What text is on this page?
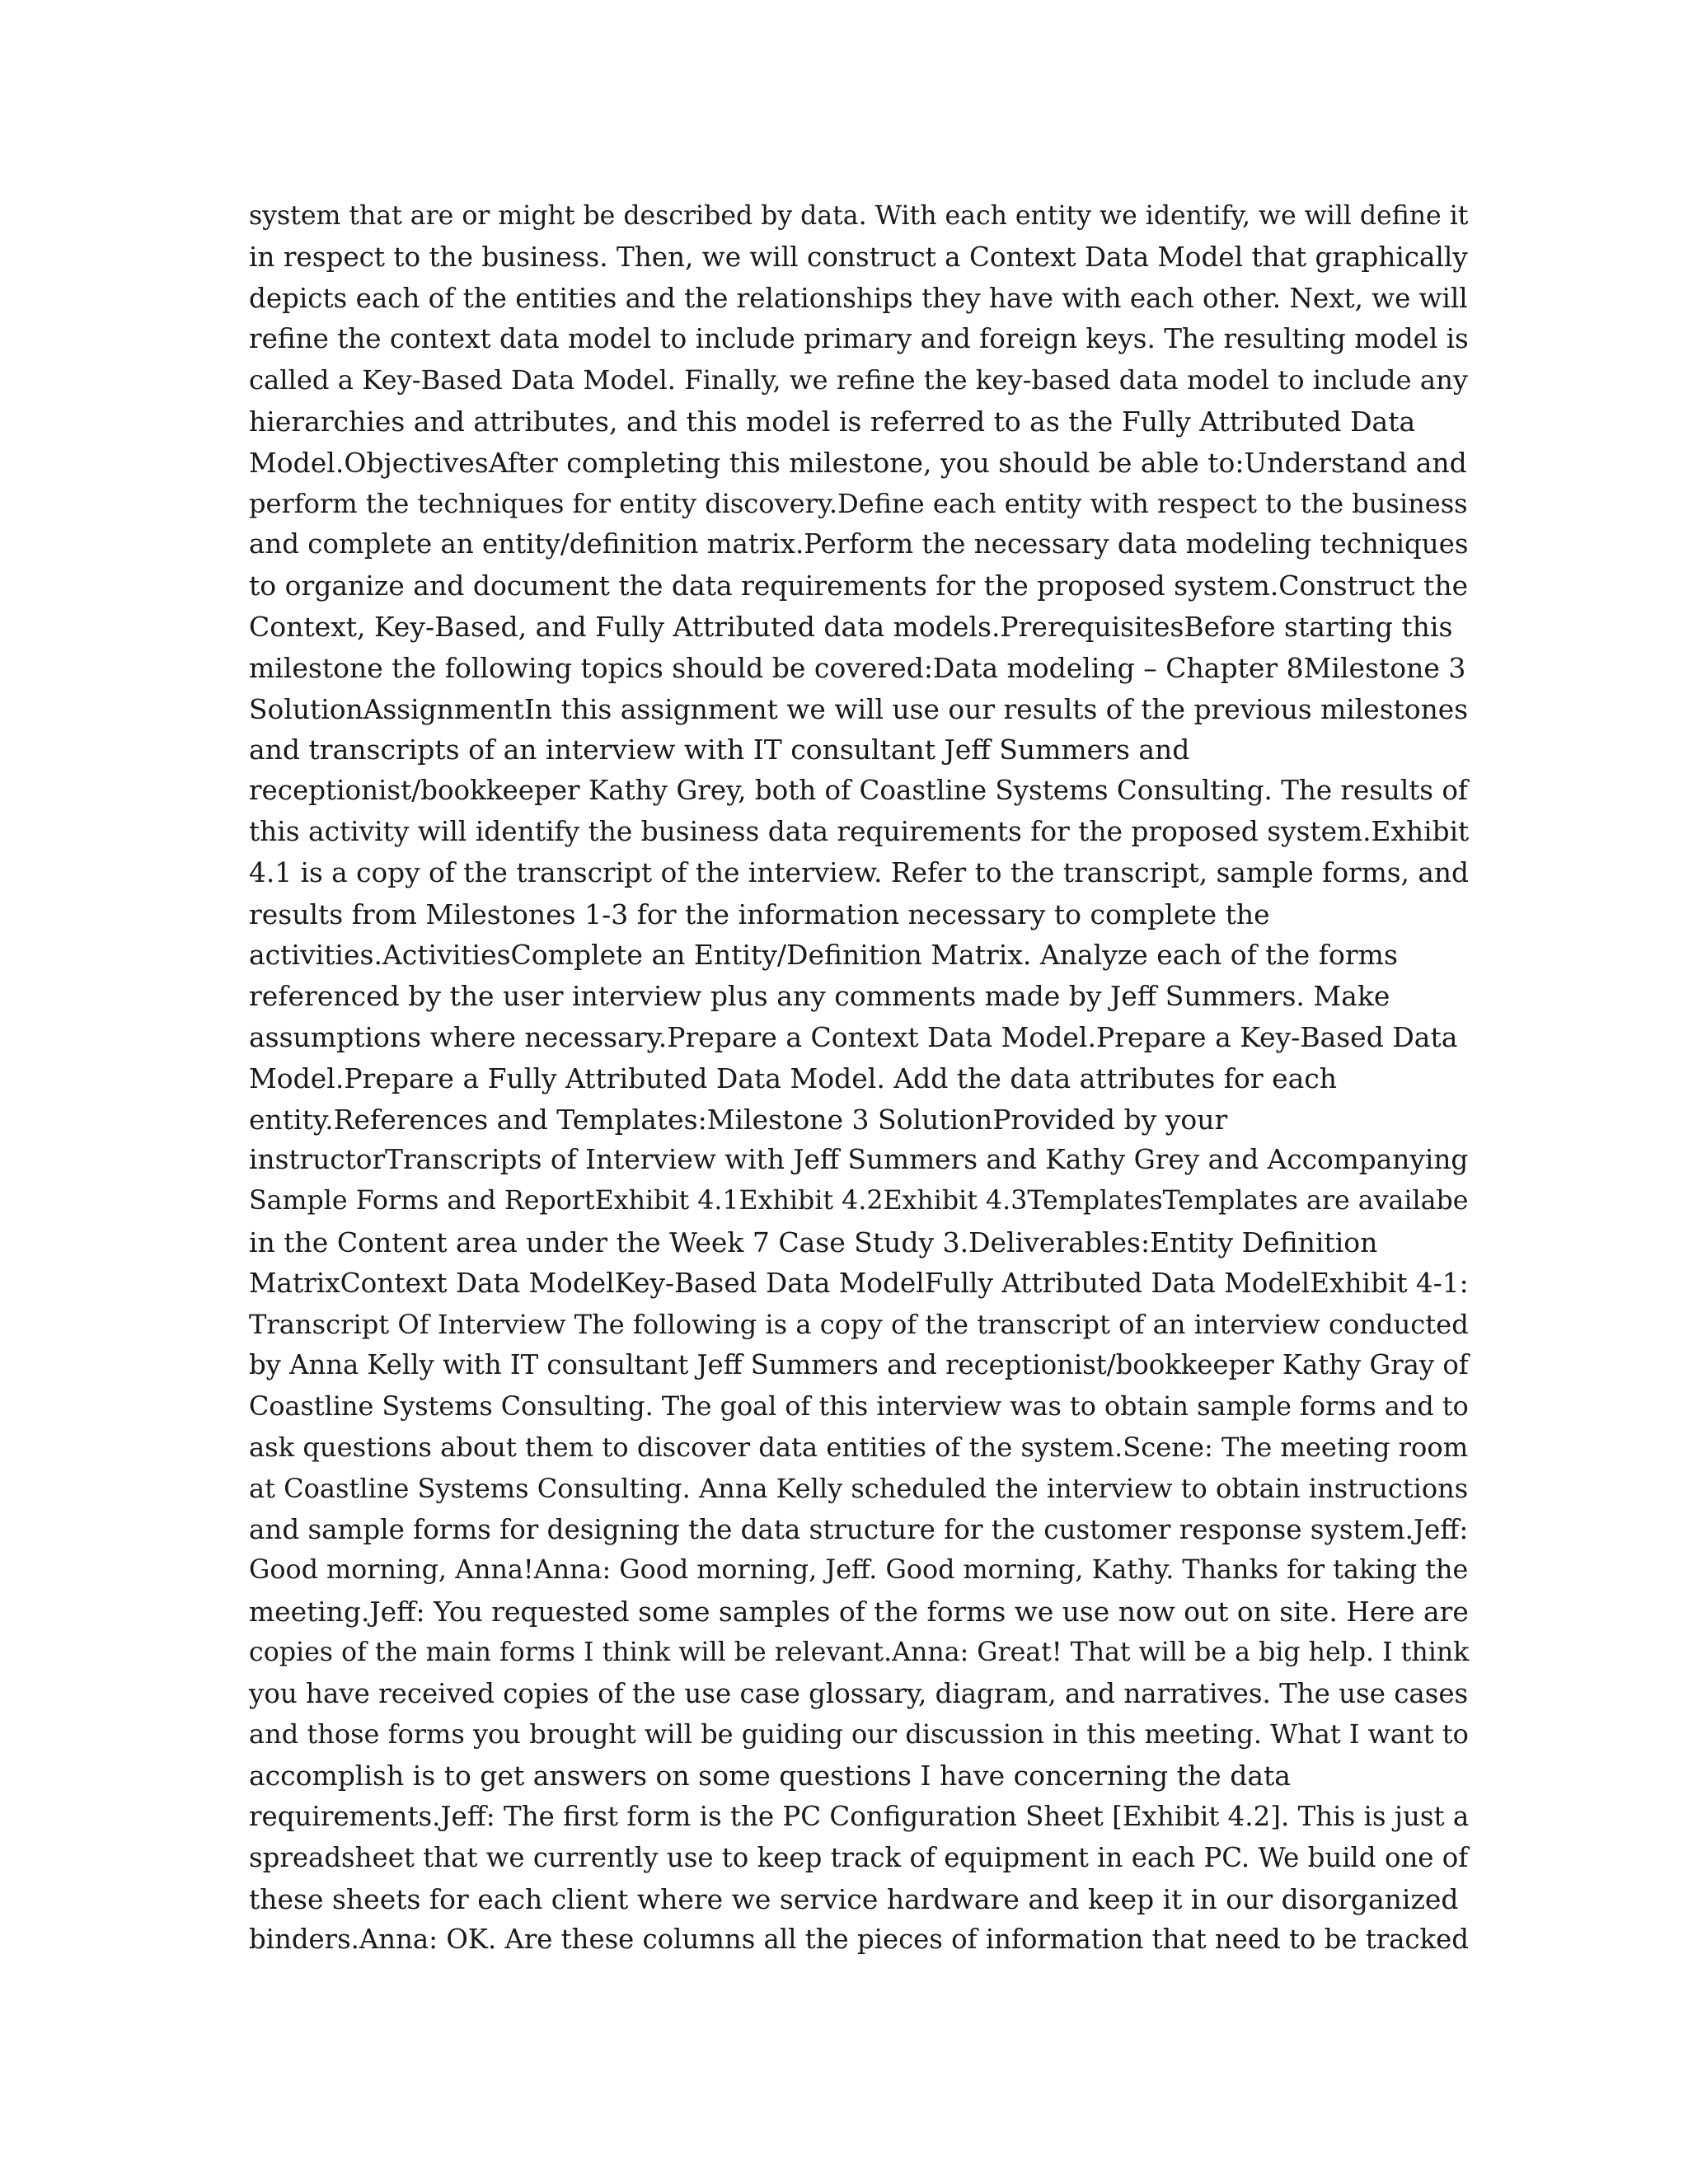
system that are or might be described by data. With each entity we identify, we will define it
in respect to the business. Then, we will construct a Context Data Model that graphically
depicts each of the entities and the relationships they have with each other. Next, we will
refine the context data model to include primary and foreign keys. The resulting model is
called a Key-Based Data Model. Finally, we refine the key-based data model to include any
hierarchies and attributes, and this model is referred to as the Fully Attributed Data
Model.ObjectivesAfter completing this milestone, you should be able to:Understand and
perform the techniques for entity discovery.Define each entity with respect to the business
and complete an entity/definition matrix.Perform the necessary data modeling techniques
to organize and document the data requirements for the proposed system.Construct the
Context, Key-Based, and Fully Attributed data models.PrerequisitesBefore starting this
milestone the following topics should be covered:Data modeling – Chapter 8Milestone 3
SolutionAssignmentIn this assignment we will use our results of the previous milestones
and transcripts of an interview with IT consultant Jeff Summers and
receptionist/bookkeeper Kathy Grey, both of Coastline Systems Consulting. The results of
this activity will identify the business data requirements for the proposed system.Exhibit
4.1 is a copy of the transcript of the interview. Refer to the transcript, sample forms, and
results from Milestones 1-3 for the information necessary to complete the
activities.ActivitiesComplete an Entity/Definition Matrix. Analyze each of the forms
referenced by the user interview plus any comments made by Jeff Summers. Make
assumptions where necessary.Prepare a Context Data Model.Prepare a Key-Based Data
Model.Prepare a Fully Attributed Data Model. Add the data attributes for each
entity.References and Templates:Milestone 3 SolutionProvided by your
instructorTranscripts of Interview with Jeff Summers and Kathy Grey and Accompanying
Sample Forms and ReportExhibit 4.1Exhibit 4.2Exhibit 4.3TemplatesTemplates are availabe
in the Content area under the Week 7 Case Study 3.Deliverables:Entity Definition
MatrixContext Data ModelKey-Based Data ModelFully Attributed Data ModelExhibit 4-1:
Transcript Of Interview The following is a copy of the transcript of an interview conducted
by Anna Kelly with IT consultant Jeff Summers and receptionist/bookkeeper Kathy Gray of
Coastline Systems Consulting. The goal of this interview was to obtain sample forms and to
ask questions about them to discover data entities of the system.Scene: The meeting room
at Coastline Systems Consulting. Anna Kelly scheduled the interview to obtain instructions
and sample forms for designing the data structure for the customer response system.Jeff:
Good morning, Anna!Anna: Good morning, Jeff. Good morning, Kathy. Thanks for taking the
meeting.Jeff: You requested some samples of the forms we use now out on site. Here are
copies of the main forms I think will be relevant.Anna: Great! That will be a big help. I think
you have received copies of the use case glossary, diagram, and narratives. The use cases
and those forms you brought will be guiding our discussion in this meeting. What I want to
accomplish is to get answers on some questions I have concerning the data
requirements.Jeff: The first form is the PC Configuration Sheet [Exhibit 4.2]. This is just a
spreadsheet that we currently use to keep track of equipment in each PC. We build one of
these sheets for each client where we service hardware and keep it in our disorganized
binders.Anna: OK. Are these columns all the pieces of information that need to be tracked
